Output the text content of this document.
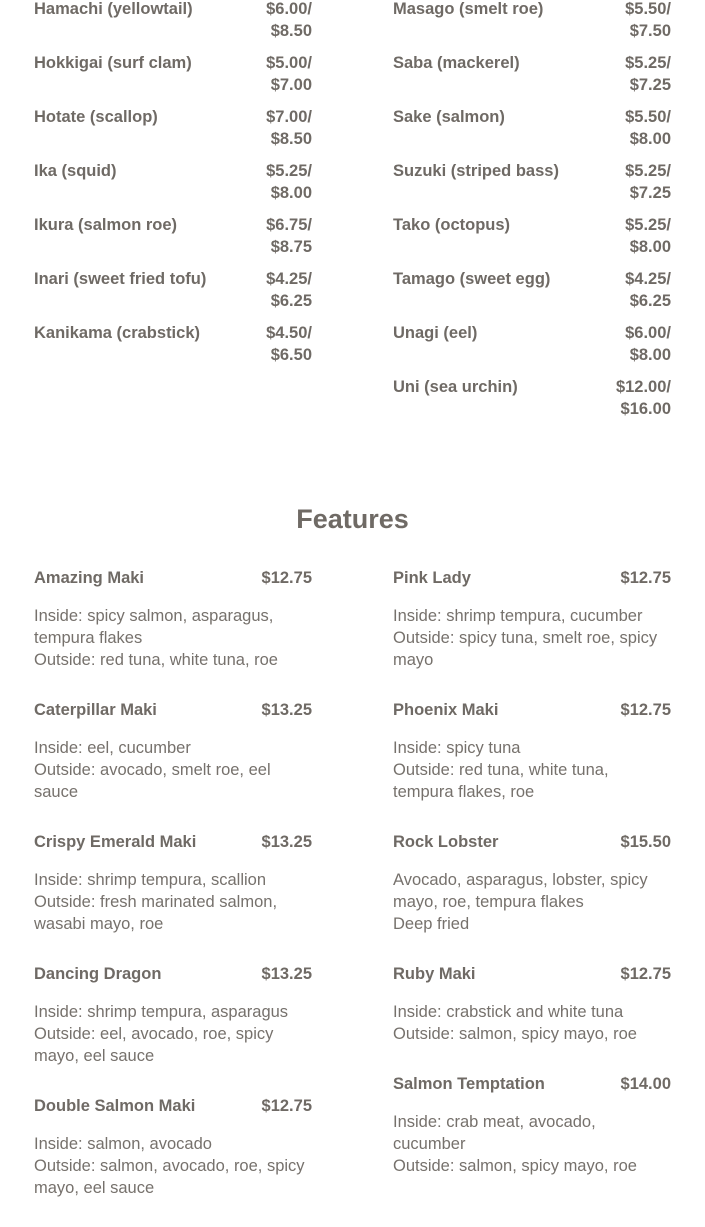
Hamachi (yellowtail)	$6.00/
$8.50
Hokkigai (surf clam)	$5.00/
$7.00
Hotate (scallop)	$7.00/
$8.50
Ika (squid)	$5.25/
$8.00
Ikura (salmon roe)	$6.75/
$8.75
Inari (sweet fried tofu)	$4.25/
$6.25
Kanikama (crabstick)	$4.50/
$6.50
Masago (smelt roe)	$5.50/
$7.50
Saba (mackerel)	$5.25/
$7.25
Sake (salmon)	$5.50/
$8.00
Suzuki (striped bass)	$5.25/
$7.25
Tako (octopus)	$5.25/
$8.00
Tamago (sweet egg)	$4.25/
$6.25
Unagi (eel)	$6.00/
$8.00
Uni (sea urchin)	$12.00/
$16.00
Features
Amazing Maki	$12.75
Inside: spicy salmon, asparagus, tempura flakes
Outside: red tuna, white tuna, roe
Caterpillar Maki	$13.25
Inside: eel, cucumber
Outside: avocado, smelt roe, eel sauce
Crispy Emerald Maki	$13.25
Inside: shrimp tempura, scallion
Outside: fresh marinated salmon, wasabi mayo, roe
Dancing Dragon	$13.25
Inside: shrimp tempura, asparagus
Outside: eel, avocado, roe, spicy mayo, eel sauce
Double Salmon Maki	$12.75
Inside: salmon, avocado
Outside: salmon, avocado, roe, spicy mayo, eel sauce
Pink Lady	$12.75
Inside: shrimp tempura, cucumber
Outside: spicy tuna, smelt roe, spicy mayo
Phoenix Maki	$12.75
Inside: spicy tuna
Outside: red tuna, white tuna, tempura flakes, roe
Rock Lobster	$15.50
Avocado, asparagus, lobster, spicy mayo, roe, tempura flakes
Deep fried
Ruby Maki	$12.75
Inside: crabstick and white tuna
Outside: salmon, spicy mayo, roe
Salmon Temptation	$14.00
Inside: crab meat, avocado, cucumber
Outside: salmon, spicy mayo, roe
